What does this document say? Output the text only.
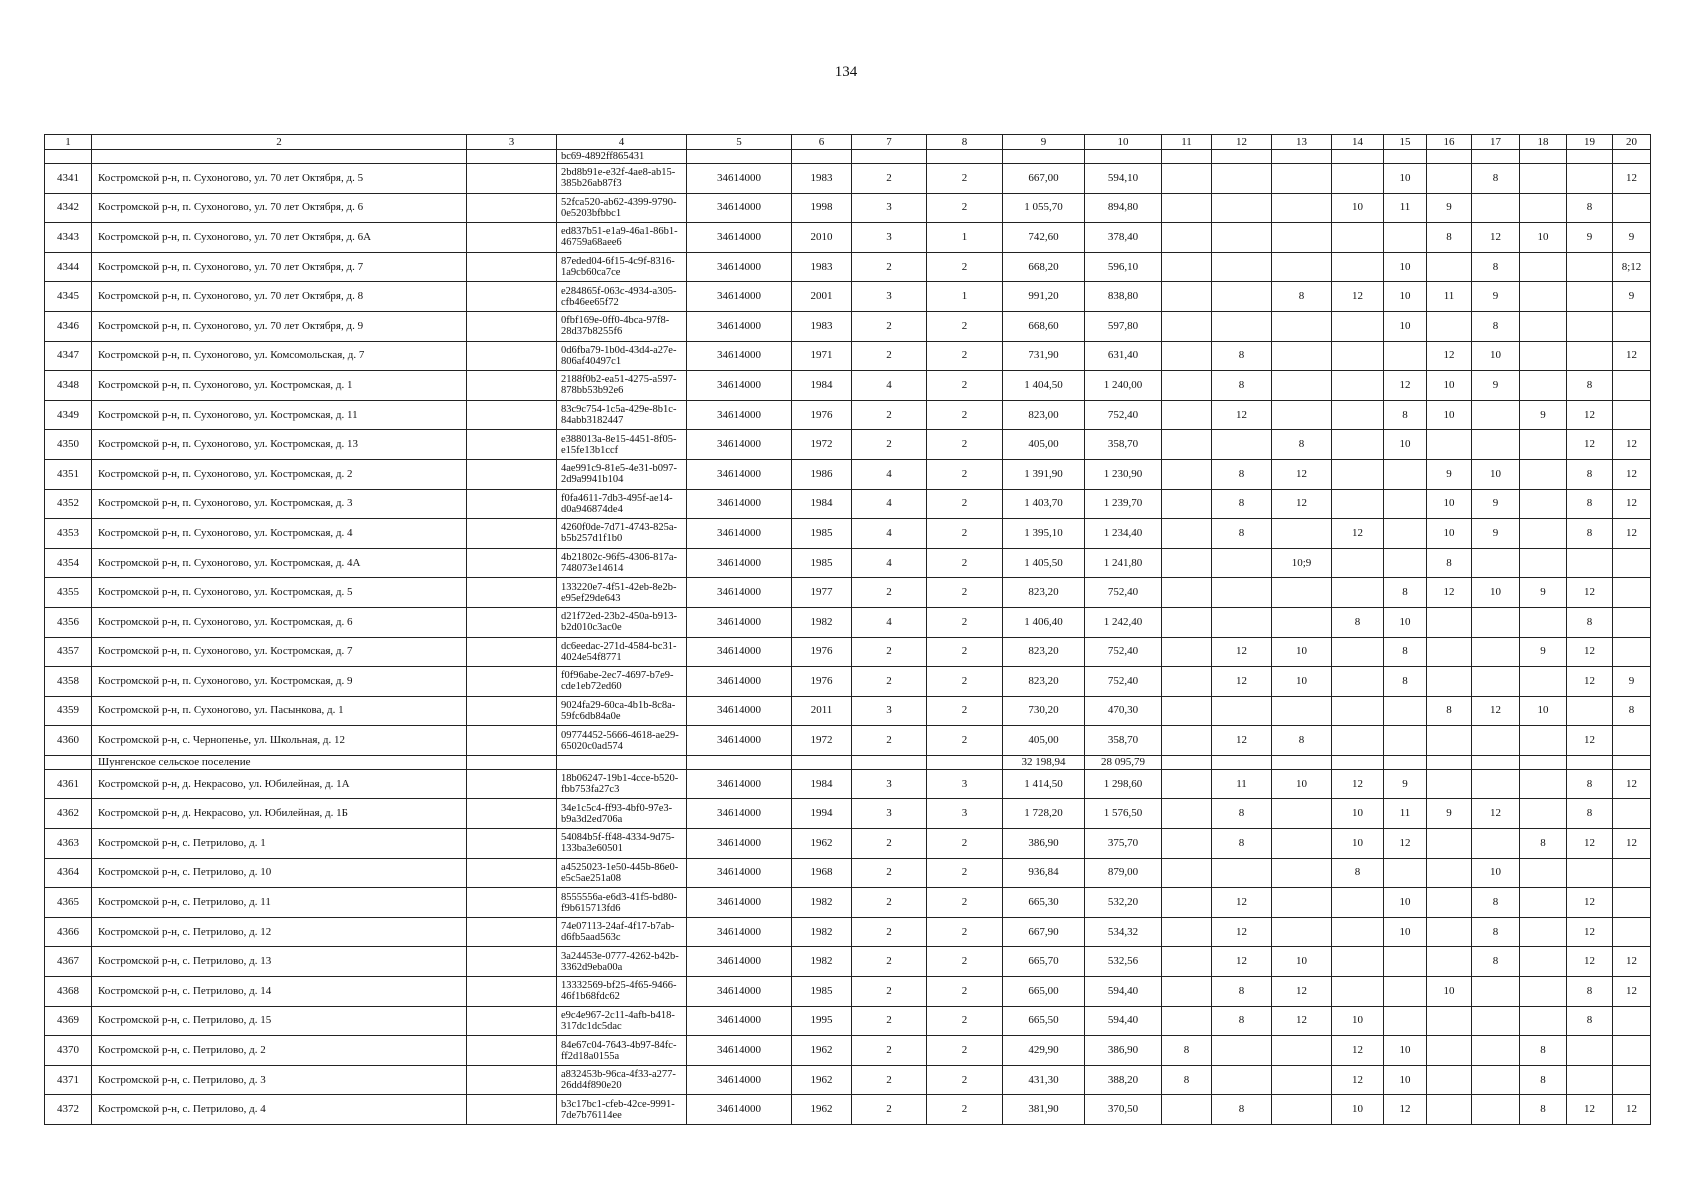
134
1	2	3	4	5	6	7	8	9	10	11	12	13	14	15	16	17	18	19	20
			bc69-4892ff865431																
4341	Костромской р-н, п. Сухоногово, ул. 70 лет Октября, д. 5		2bd8b91e-e32f-4ae8-ab15-385b26ab87f3	34614000	1983	2	2	667,00	594,10					10		8			12
4342	Костромской р-н, п. Сухоногово, ул. 70 лет Октября, д. 6		52fca520-ab62-4399-9790-0e5203bfbbc1	34614000	1998	3	2	1 055,70	894,80				10	11	9			8	
4343	Костромской р-н, п. Сухоногово, ул. 70 лет Октября, д. 6А		ed837b51-e1a9-46a1-86b1-46759a68aee6	34614000	2010	3	1	742,60	378,40						8	12	10	9	9
4344	Костромской р-н, п. Сухоногово, ул. 70 лет Октября, д. 7		87eded04-6f15-4c9f-8316-1a9cb60ca7ce	34614000	1983	2	2	668,20	596,10					10		8			8;12
4345	Костромской р-н, п. Сухоногово, ул. 70 лет Октября, д. 8		e284865f-063c-4934-a305-cfb46ee65f72	34614000	2001	3	1	991,20	838,80			8	12	10	11	9			9
4346	Костромской р-н, п. Сухоногово, ул. 70 лет Октября, д. 9		0fbf169e-0ff0-4bca-97f8-28d37b8255f6	34614000	1983	2	2	668,60	597,80					10		8			
4347	Костромской р-н, п. Сухоногово, ул. Комсомольская, д. 7		0d6fba79-1b0d-43d4-a27e-806af40497c1	34614000	1971	2	2	731,90	631,40		8				12	10			12
4348	Костромской р-н, п. Сухоногово, ул. Костромская, д. 1		2188f0b2-ea51-4275-a597-878bb53b92e6	34614000	1984	4	2	1 404,50	1 240,00		8			12	10	9		8	
4349	Костромской р-н, п. Сухоногово, ул. Костромская, д. 11		83c9c754-1c5a-429e-8b1c-84abb3182447	34614000	1976	2	2	823,00	752,40		12			8	10		9	12	
4350	Костромской р-н, п. Сухоногово, ул. Костромская, д. 13		e388013a-8e15-4451-8f05-e15fe13b1ccf	34614000	1972	2	2	405,00	358,70			8		10				12	12
4351	Костромской р-н, п. Сухоногово, ул. Костромская, д. 2		4ae991c9-81e5-4e31-b097-2d9a9941b104	34614000	1986	4	2	1 391,90	1 230,90		8	12			9	10		8	12
4352	Костромской р-н, п. Сухоногово, ул. Костромская, д. 3		f0fa4611-7db3-495f-ae14-d0a946874de4	34614000	1984	4	2	1 403,70	1 239,70		8	12			10	9		8	12
4353	Костромской р-н, п. Сухоногово, ул. Костромская, д. 4		4260f0de-7d71-4743-825a-b5b257d1f1b0	34614000	1985	4	2	1 395,10	1 234,40		8		12		10	9		8	12
4354	Костромской р-н, п. Сухоногово, ул. Костромская, д. 4А		4b21802c-96f5-4306-817a-748073e14614	34614000	1985	4	2	1 405,50	1 241,80			10;9			8				
4355	Костромской р-н, п. Сухоногово, ул. Костромская, д. 5		133220e7-4f51-42eb-8e2b-e95ef29de643	34614000	1977	2	2	823,20	752,40					8	12	10	9	12	
4356	Костромской р-н, п. Сухоногово, ул. Костромская, д. 6		d21f72ed-23b2-450a-b913-b2d010c3ac0e	34614000	1982	4	2	1 406,40	1 242,40				8	10				8	
4357	Костромской р-н, п. Сухоногово, ул. Костромская, д. 7		dc6eedac-271d-4584-bc31-4024e54f8771	34614000	1976	2	2	823,20	752,40		12	10		8			9	12	
4358	Костромской р-н, п. Сухоногово, ул. Костромская, д. 9		f0f96abe-2ec7-4697-b7e9-cde1eb72ed60	34614000	1976	2	2	823,20	752,40		12	10		8				12	9
4359	Костромской р-н, п. Сухоногово, ул. Пасынкова, д. 1		9024fa29-60ca-4b1b-8c8a-59fc6db84a0e	34614000	2011	3	2	730,20	470,30						8	12	10		8
4360	Костромской р-н, с. Чернопенье, ул. Школьная, д. 12		09774452-5666-4618-ae29-65020c0ad574	34614000	1972	2	2	405,00	358,70		12	8						12	
	Шунгенское сельское поселение							32 198,94	28 095,79										
4361	Костромской р-н, д. Некрасово, ул. Юбилейная, д. 1А		18b06247-19b1-4cce-b520-fbb753fa27c3	34614000	1984	3	3	1 414,50	1 298,60		11	10	12	9				8	12
4362	Костромской р-н, д. Некрасово, ул. Юбилейная, д. 1Б		34e1c5c4-ff93-4bf0-97e3-b9a3d2ed706a	34614000	1994	3	3	1 728,20	1 576,50		8		10	11	9	12		8	
4363	Костромской р-н, с. Петрилово, д. 1		54084b5f-ff48-4334-9d75-133ba3e60501	34614000	1962	2	2	386,90	375,70		8		10	12			8	12	12
4364	Костромской р-н, с. Петрилово, д. 10		a4525023-1e50-445b-86e0-e5c5ae251a08	34614000	1968	2	2	936,84	879,00				8			10			
4365	Костромской р-н, с. Петрилово, д. 11		8555556a-e6d3-41f5-bd80-f9b615713fd6	34614000	1982	2	2	665,30	532,20		12			10		8		12	
4366	Костромской р-н, с. Петрилово, д. 12		74e07113-24af-4f17-b7ab-d6fb5aad563c	34614000	1982	2	2	667,90	534,32		12			10		8		12	
4367	Костромской р-н, с. Петрилово, д. 13		3a24453e-0777-4262-b42b-3362d9eba00a	34614000	1982	2	2	665,70	532,56		12	10				8		12	12
4368	Костромской р-н, с. Петрилово, д. 14		13332569-bf25-4f65-9466-46f1b68fdc62	34614000	1985	2	2	665,00	594,40		8	12			10			8	12
4369	Костромской р-н, с. Петрилово, д. 15		e9c4e967-2c11-4afb-b418-317dc1dc5dac	34614000	1995	2	2	665,50	594,40		8	12	10					8	
4370	Костромской р-н, с. Петрилово, д. 2		84e67c04-7643-4b97-84fc-ff2d18a0155a	34614000	1962	2	2	429,90	386,90	8			12	10			8		
4371	Костромской р-н, с. Петрилово, д. 3		a832453b-96ca-4f33-a277-26dd4f890e20	34614000	1962	2	2	431,30	388,20	8			12	10			8		
4372	Костромской р-н, с. Петрилово, д. 4		b3c17bc1-cfeb-42ce-9991-7de7b76114ee	34614000	1962	2	2	381,90	370,50		8		10	12			8	12	12
